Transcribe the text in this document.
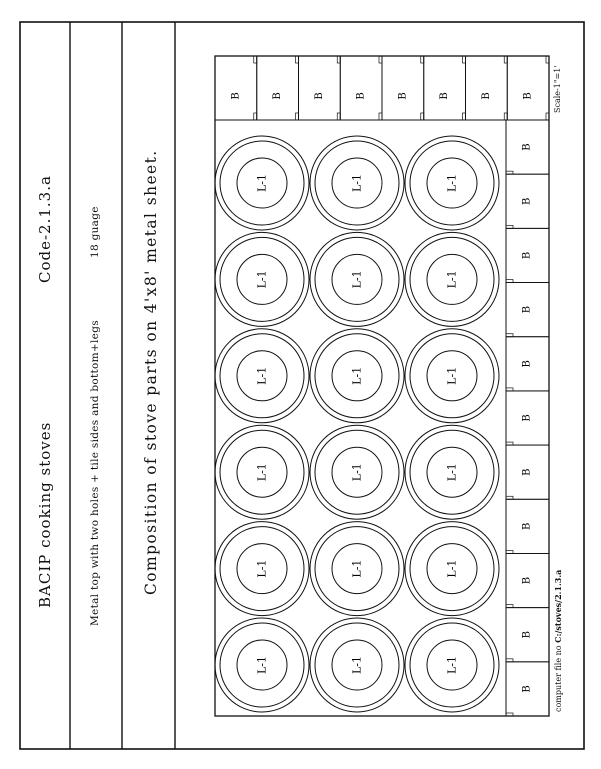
B	B	B	B	B	B	B	B
B
B
B
B
B
B
B
B
B
B
B
L-1	L-1	L-1
L-1	L-1	L-1
L-1	L-1	L-1
L-1	L-1	L-1
L-1	L-1	L-1
L-1	L-1	L-1
BACIP cooking stoves
Code-2.1.3.a
Metal top with two holes + tile sides and bottom+legs
18 guage	Composition of stove parts on 4'x8' metal sheet.
computer file no C:/stoves/2.1.3.a
Scale-1"=1'
